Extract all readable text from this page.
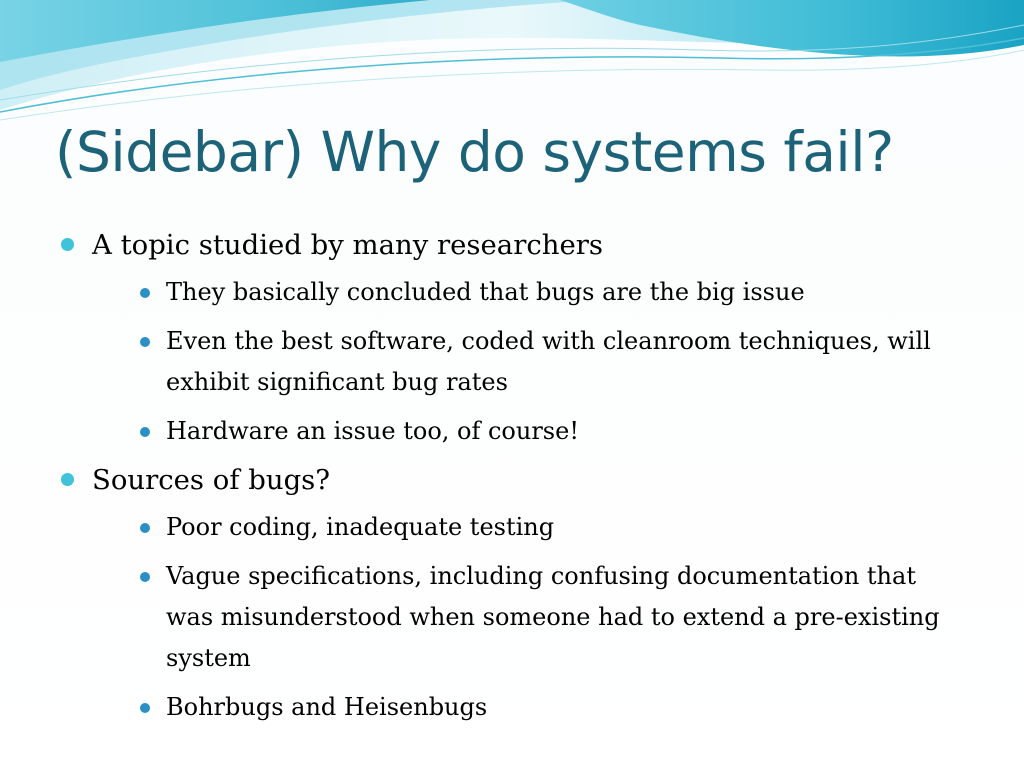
(Sidebar) Why do systems fail?
A topic studied by many researchers
They basically concluded that bugs are the big issue
Even the best software, coded with cleanroom techniques, will exhibit significant bug rates
Hardware an issue too, of course!
Sources of bugs?
Poor coding, inadequate testing
Vague specifications, including confusing documentation that was misunderstood when someone had to extend a pre-existing system
Bohrbugs and Heisenbugs
